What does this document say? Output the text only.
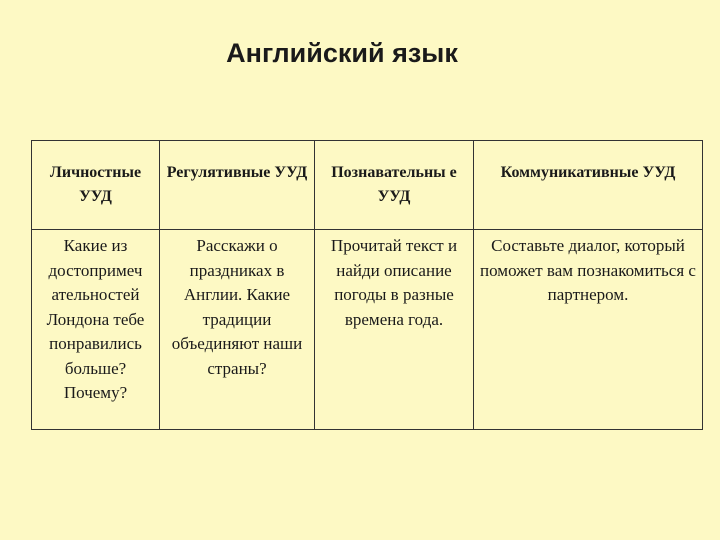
Английский язык
Личностные УУД	Регулятивные УУД	Познавательны е УУД	Коммуникативные УУД
Какие из достопримеч ательностей Лондона тебе понравились больше? Почему?	Расскажи о праздниках в Англии. Какие традиции объединяют наши страны?	Прочитай текст и найди описание погоды в разные времена года.	Составьте диалог, который поможет вам познакомиться с партнером.
